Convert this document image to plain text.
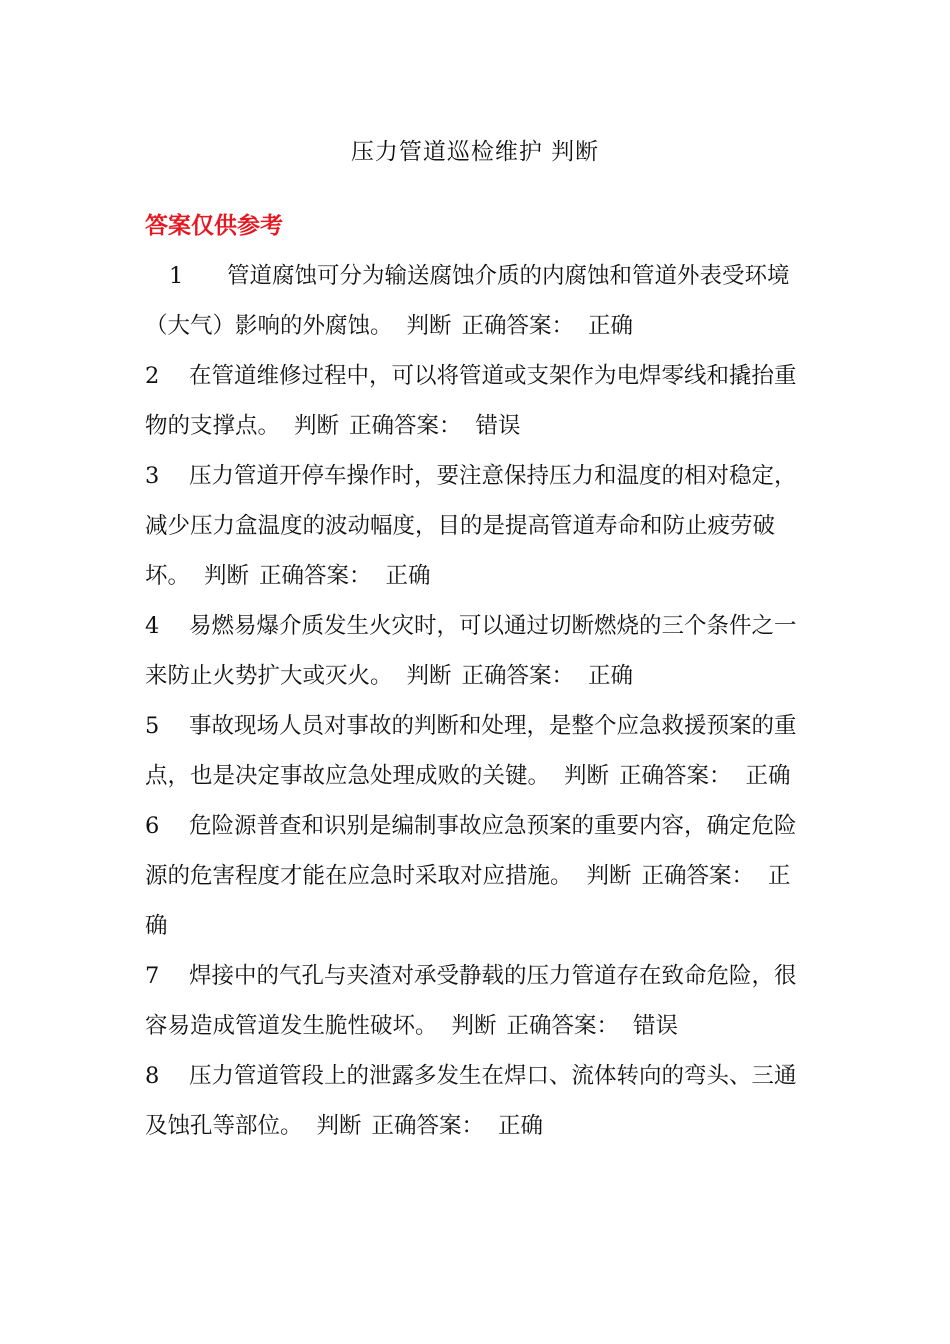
压力管道巡检维护 判断
答案仅供参考

1 管道腐蚀可分为输送腐蚀介质的内腐蚀和管道外表受环境（大气）影响的外腐蚀。 判断 正确答案： 正确

2 在管道维修过程中，可以将管道或支架作为电焊零线和撬抬重物的支撑点。 判断 正确答案： 错误

3 压力管道开停车操作时，要注意保持压力和温度的相对稳定，减少压力盒温度的波动幅度，目的是提高管道寿命和防止疲劳破坏。 判断 正确答案： 正确

4 易燃易爆介质发生火灾时，可以通过切断燃烧的三个条件之一来防止火势扩大或灭火。 判断 正确答案： 正确

5 事故现场人员对事故的判断和处理，是整个应急救援预案的重点，也是决定事故应急处理成败的关键。 判断 正确答案： 正确

6 危险源普查和识别是编制事故应急预案的重要内容，确定危险源的危害程度才能在应急时采取对应措施。 判断 正确答案： 正确

7 焊接中的气孔与夹渣对承受静载的压力管道存在致命危险，很容易造成管道发生脆性破坏。 判断 正确答案： 错误

8 压力管道管段上的泄露多发生在焊口、流体转向的弯头、三通及蚀孔等部位。 判断 正确答案： 正确
